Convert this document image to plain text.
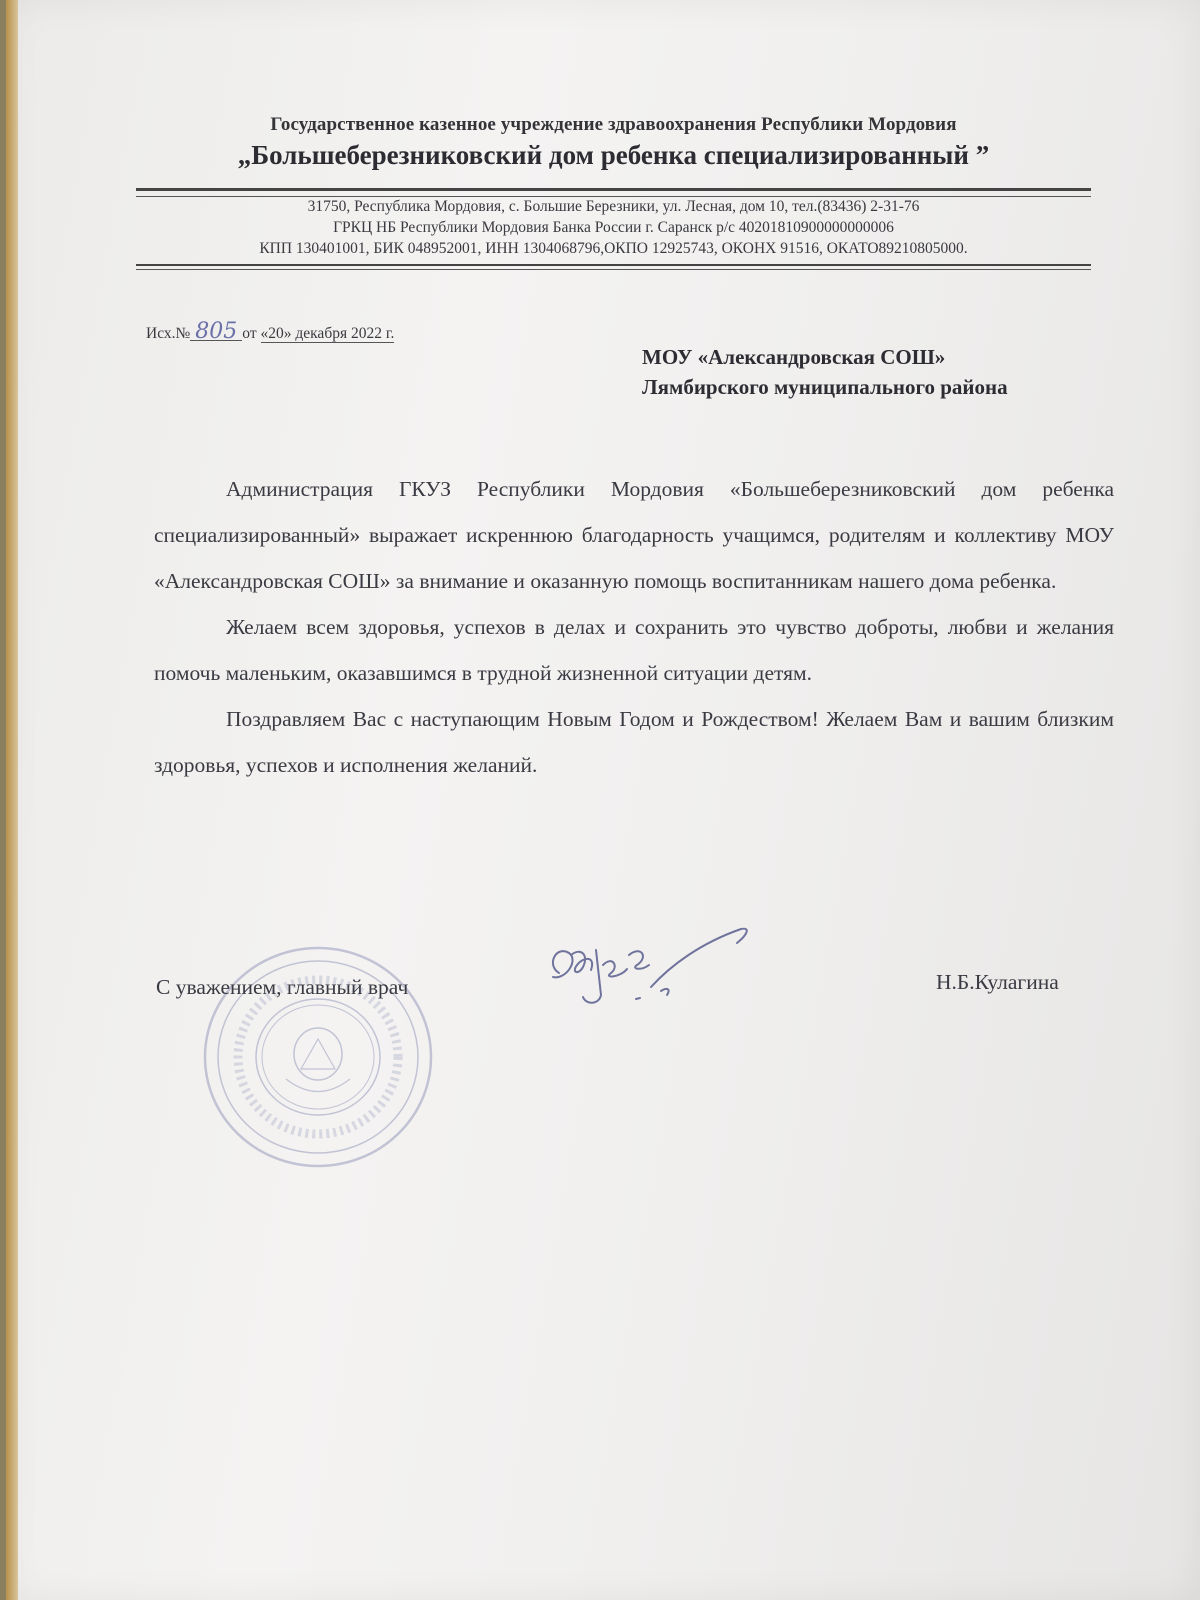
Государственное казенное учреждение здравоохранения Республики Мордовия
„Большеберезниковский дом ребенка специализированный ”
31750, Республика Мордовия, с. Большие Березники, ул. Лесная, дом 10, тел.(83436) 2-31-76
ГРКЦ НБ Республики Мордовия Банка России г. Саранск р/с 40201810900000000006
КПП 130401001, БИК 048952001, ИНН 1304068796,ОКПО 12925743, ОКОНХ 91516, ОКАТО89210805000.
Исх.№ 805 от «20» декабря 2022 г.
МОУ «Александровская СОШ»
Лямбирского муниципального района

Администрация ГКУЗ Республики Мордовия «Большеберезниковский дом ребенка специализированный» выражает искреннюю благодарность учащимся, родителям и коллективу МОУ «Александровская СОШ» за внимание и оказанную помощь воспитанникам нашего дома ребенка.

Желаем всем здоровья, успехов в делах и сохранить это чувство доброты, любви и желания помочь маленьким, оказавшимся в трудной жизненной ситуации детям.

Поздравляем Вас с наступающим Новым Годом и Рождеством! Желаем Вам и вашим близким здоровья, успехов и исполнения желаний.

С уважением, главный врач	Н.Б.Кулагина
